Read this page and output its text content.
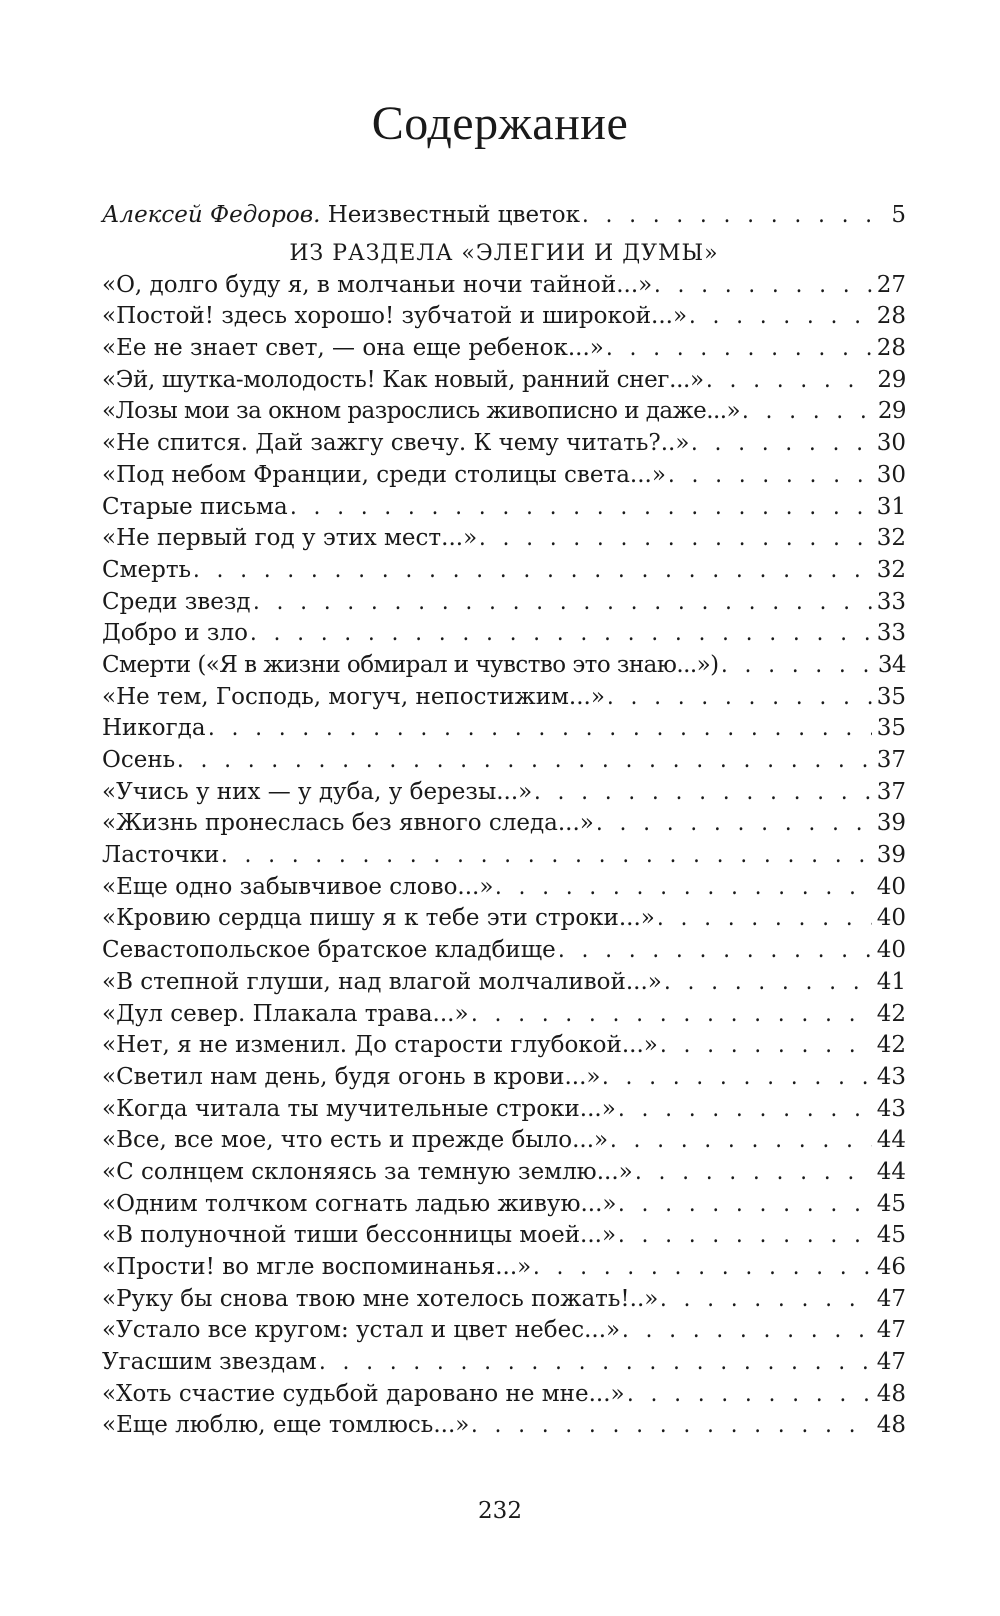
Содержание
Алексей Федоров. Неизвестный цветок . . .	5
ИЗ РАЗДЕЛА «ЭЛЕГИИ И ДУМЫ»
«О, долго буду я, в молчаньи ночи тайной...» . . .	27
«Постой! здесь хорошо! зубчатой и широкой...» . . .	28
«Ее не знает свет, — она еще ребенок...» . . .	28
«Эй, шутка-молодость! Как новый, ранний снег...» . . .	29
«Лозы мои за окном разрослись живописно и даже...» . . .	29
«Не спится. Дай зажгу свечу. К чему читать?..» . . .	30
«Под небом Франции, среди столицы света...» . . .	30
Старые письма . . .	31
«Не первый год у этих мест...» . . .	32
Смерть . . .	32
Среди звезд . . .	33
Добро и зло . . .	33
Смерти («Я в жизни обмирал и чувство это знаю...») . . .	34
«Не тем, Господь, могуч, непостижим...» . . .	35
Никогда . . .	35
Осень . . .	37
«Учись у них — у дуба, у березы...» . . .	37
«Жизнь пронеслась без явного следа...» . . .	39
Ласточки . . .	39
«Еще одно забывчивое слово...» . . .	40
«Кровию сердца пишу я к тебе эти строки...» . . .	40
Севастопольское братское кладбище . . .	40
«В степной глуши, над влагой молчаливой...» . . .	41
«Дул север. Плакала трава...» . . .	42
«Нет, я не изменил. До старости глубокой...» . . .	42
«Светил нам день, будя огонь в крови...» . . .	43
«Когда читала ты мучительные строки...» . . .	43
«Все, все мое, что есть и прежде было...» . . .	44
«С солнцем склоняясь за темную землю...» . . .	44
«Одним толчком согнать ладью живую...» . . .	45
«В полуночной тиши бессонницы моей...» . . .	45
«Прости! во мгле воспоминанья...» . . .	46
«Руку бы снова твою мне хотелось пожать!..» . . .	47
«Устало все кругом: устал и цвет небес...» . . .	47
Угасшим звездам . . .	47
«Хоть счастие судьбой даровано не мне...» . . .	48
«Еще люблю, еще томлюсь...» . . .	48
232
